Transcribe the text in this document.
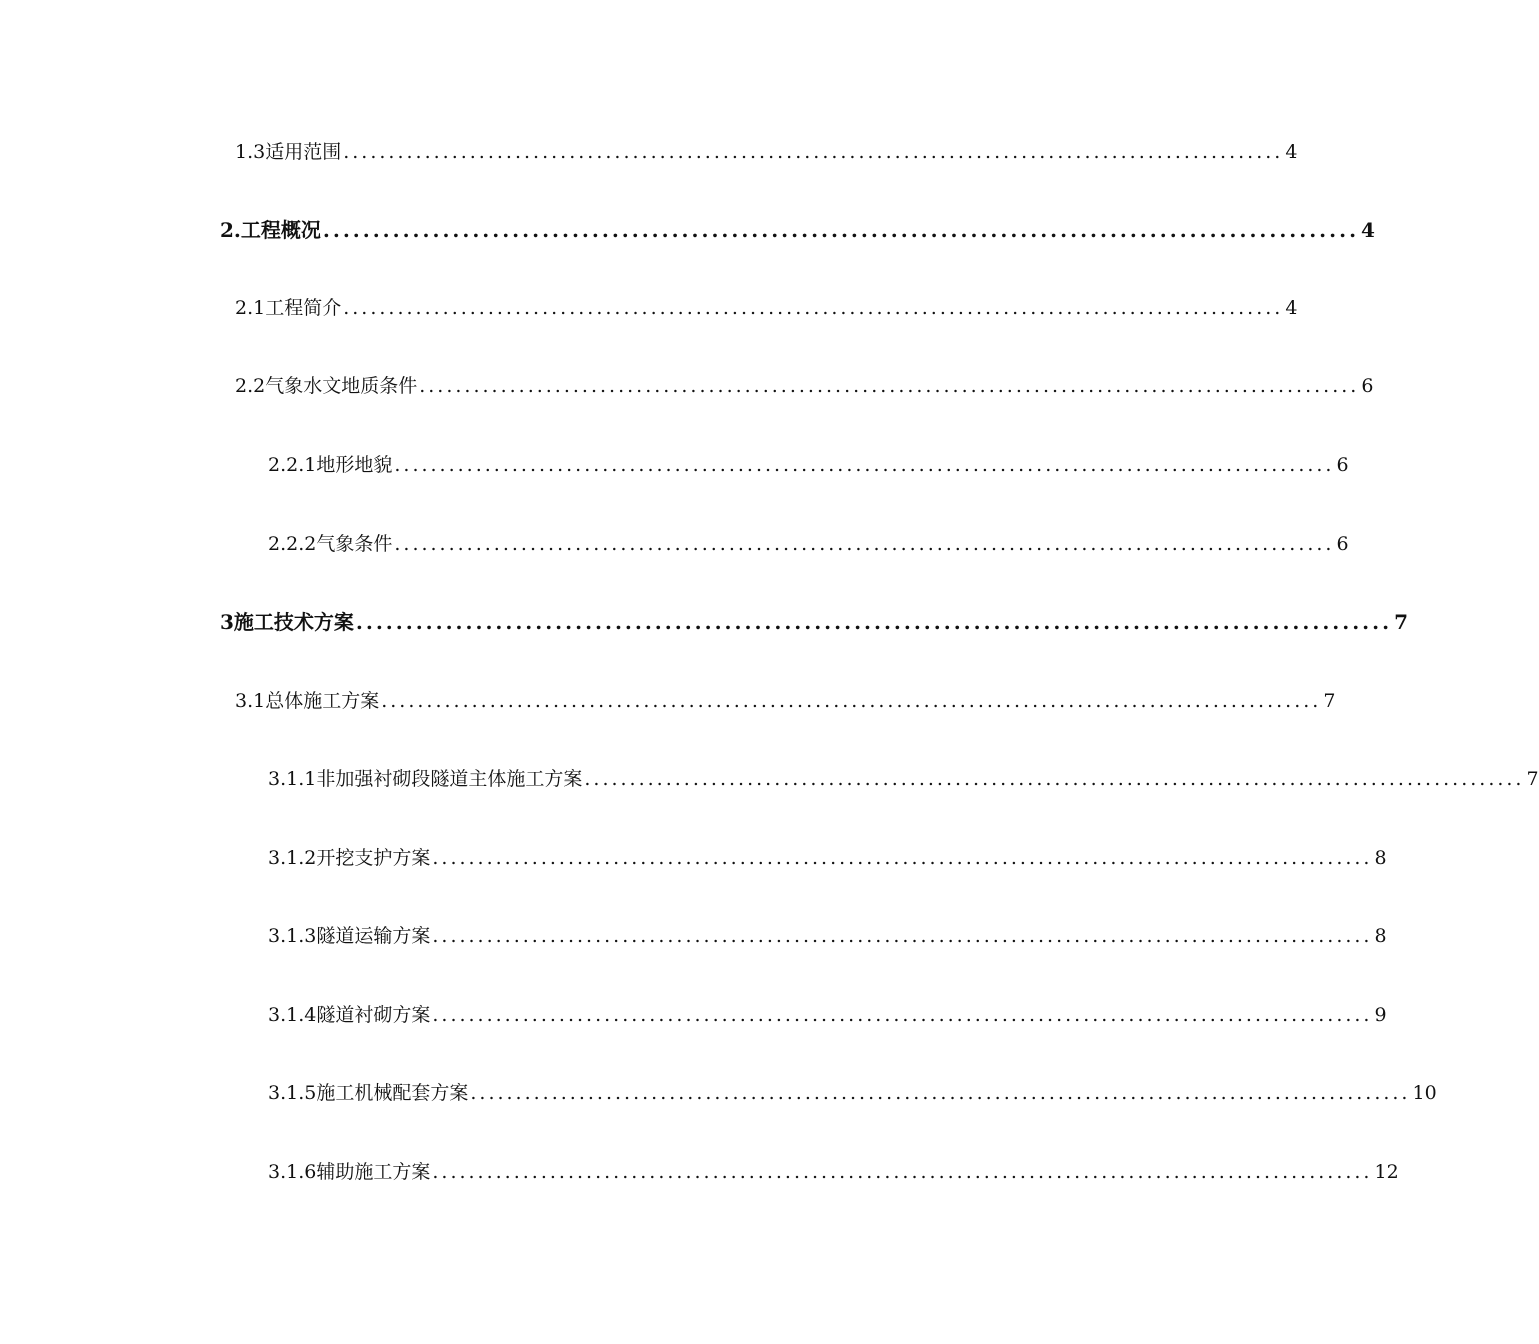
1.3适用范围 ........................................................................................................ 4
2.工程概况 ........................................................................................................ 4
2.1工程简介 ........................................................................................................ 4
2.2气象水文地质条件 ........................................................................................................ 6
2.2.1地形地貌 ........................................................................................................ 6
2.2.2气象条件 ........................................................................................................ 6
3施工技术方案 ........................................................................................................ 7
3.1总体施工方案 ........................................................................................................ 7
3.1.1非加强衬砌段隧道主体施工方案 ........................................................................................................ 7
3.1.2开挖支护方案 ........................................................................................................ 8
3.1.3隧道运输方案 ........................................................................................................ 8
3.1.4隧道衬砌方案 ........................................................................................................ 9
3.1.5施工机械配套方案 ........................................................................................................ 10
3.1.6辅助施工方案 ........................................................................................................ 12
